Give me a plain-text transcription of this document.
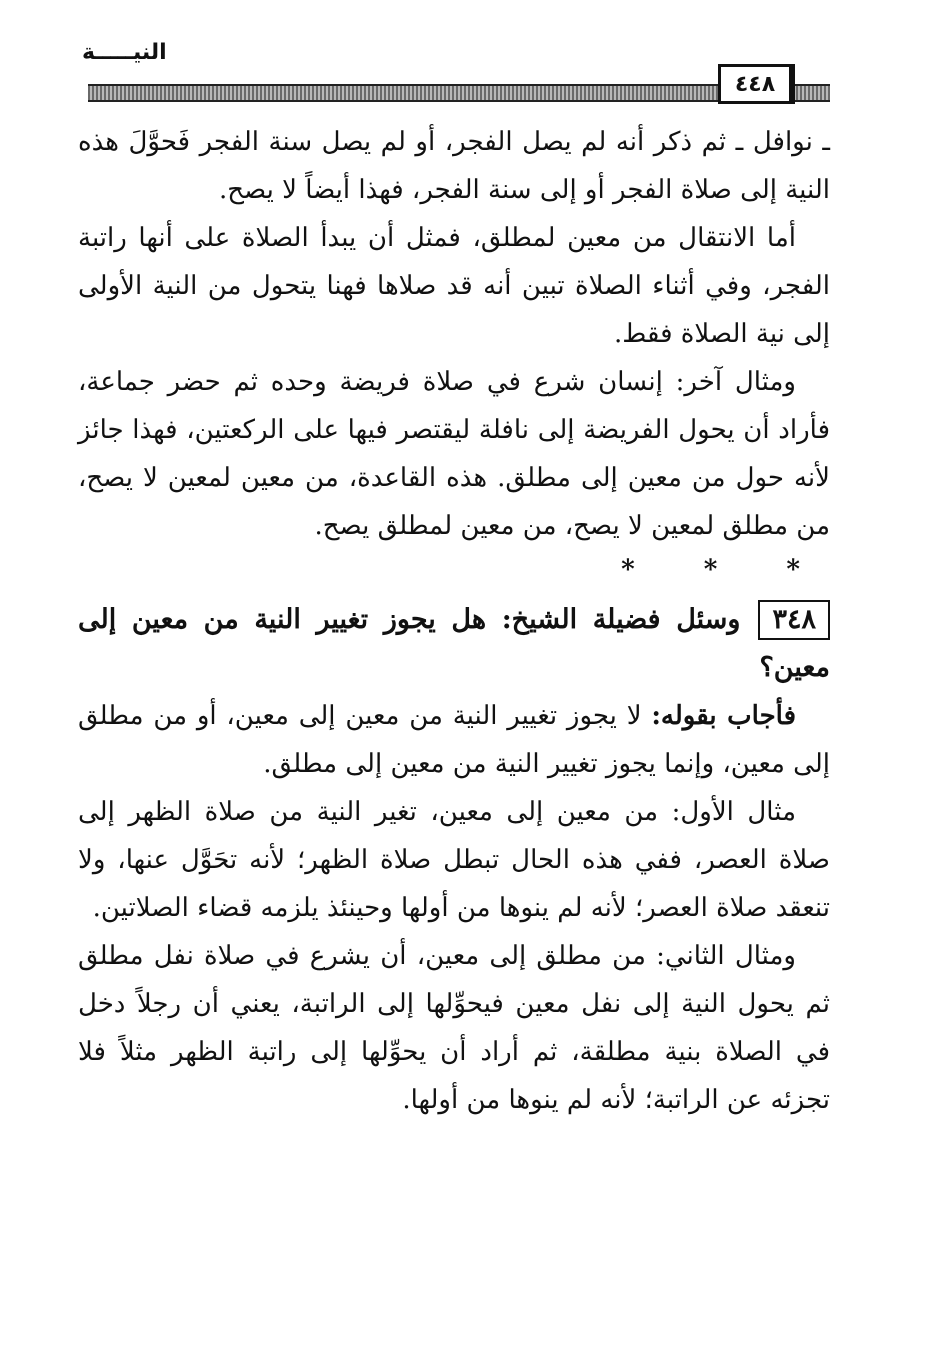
النيـــــة
٤٤٨

ـ نوافل ـ ثم ذكر أنه لم يصل الفجر، أو لم يصل سنة الفجر فَحوَّلَ هذه النية إلى صلاة الفجر أو إلى سنة الفجر، فهذا أيضاً لا يصح.

أما الانتقال من معين لمطلق، فمثل أن يبدأ الصلاة على أنها راتبة الفجر، وفي أثناء الصلاة تبين أنه قد صلاها فهنا يتحول من النية الأولى إلى نية الصلاة فقط.

ومثال آخر: إنسان شرع في صلاة فريضة وحده ثم حضر جماعة، فأراد أن يحول الفريضة إلى نافلة ليقتصر فيها على الركعتين، فهذا جائز لأنه حول من معين إلى مطلق. هذه القاعدة، من معين لمعين لا يصح، من مطلق لمعين لا يصح، من معين لمطلق يصح.

* * *

٣٤٨وسئل فضيلة الشيخ: هل يجوز تغيير النية من معين إلى معين؟

فأجاب بقوله: لا يجوز تغيير النية من معين إلى معين، أو من مطلق إلى معين، وإنما يجوز تغيير النية من معين إلى مطلق.

مثال الأول: من معين إلى معين، تغير النية من صلاة الظهر إلى صلاة العصر، ففي هذه الحال تبطل صلاة الظهر؛ لأنه تحَوَّل عنها، ولا تنعقد صلاة العصر؛ لأنه لم ينوها من أولها وحينئذ يلزمه قضاء الصلاتين.

ومثال الثاني: من مطلق إلى معين، أن يشرع في صلاة نفل مطلق ثم يحول النية إلى نفل معين فيحوِّلها إلى الراتبة، يعني أن رجلاً دخل في الصلاة بنية مطلقة، ثم أراد أن يحوِّلها إلى راتبة الظهر مثلاً فلا تجزئه عن الراتبة؛ لأنه لم ينوها من أولها.
